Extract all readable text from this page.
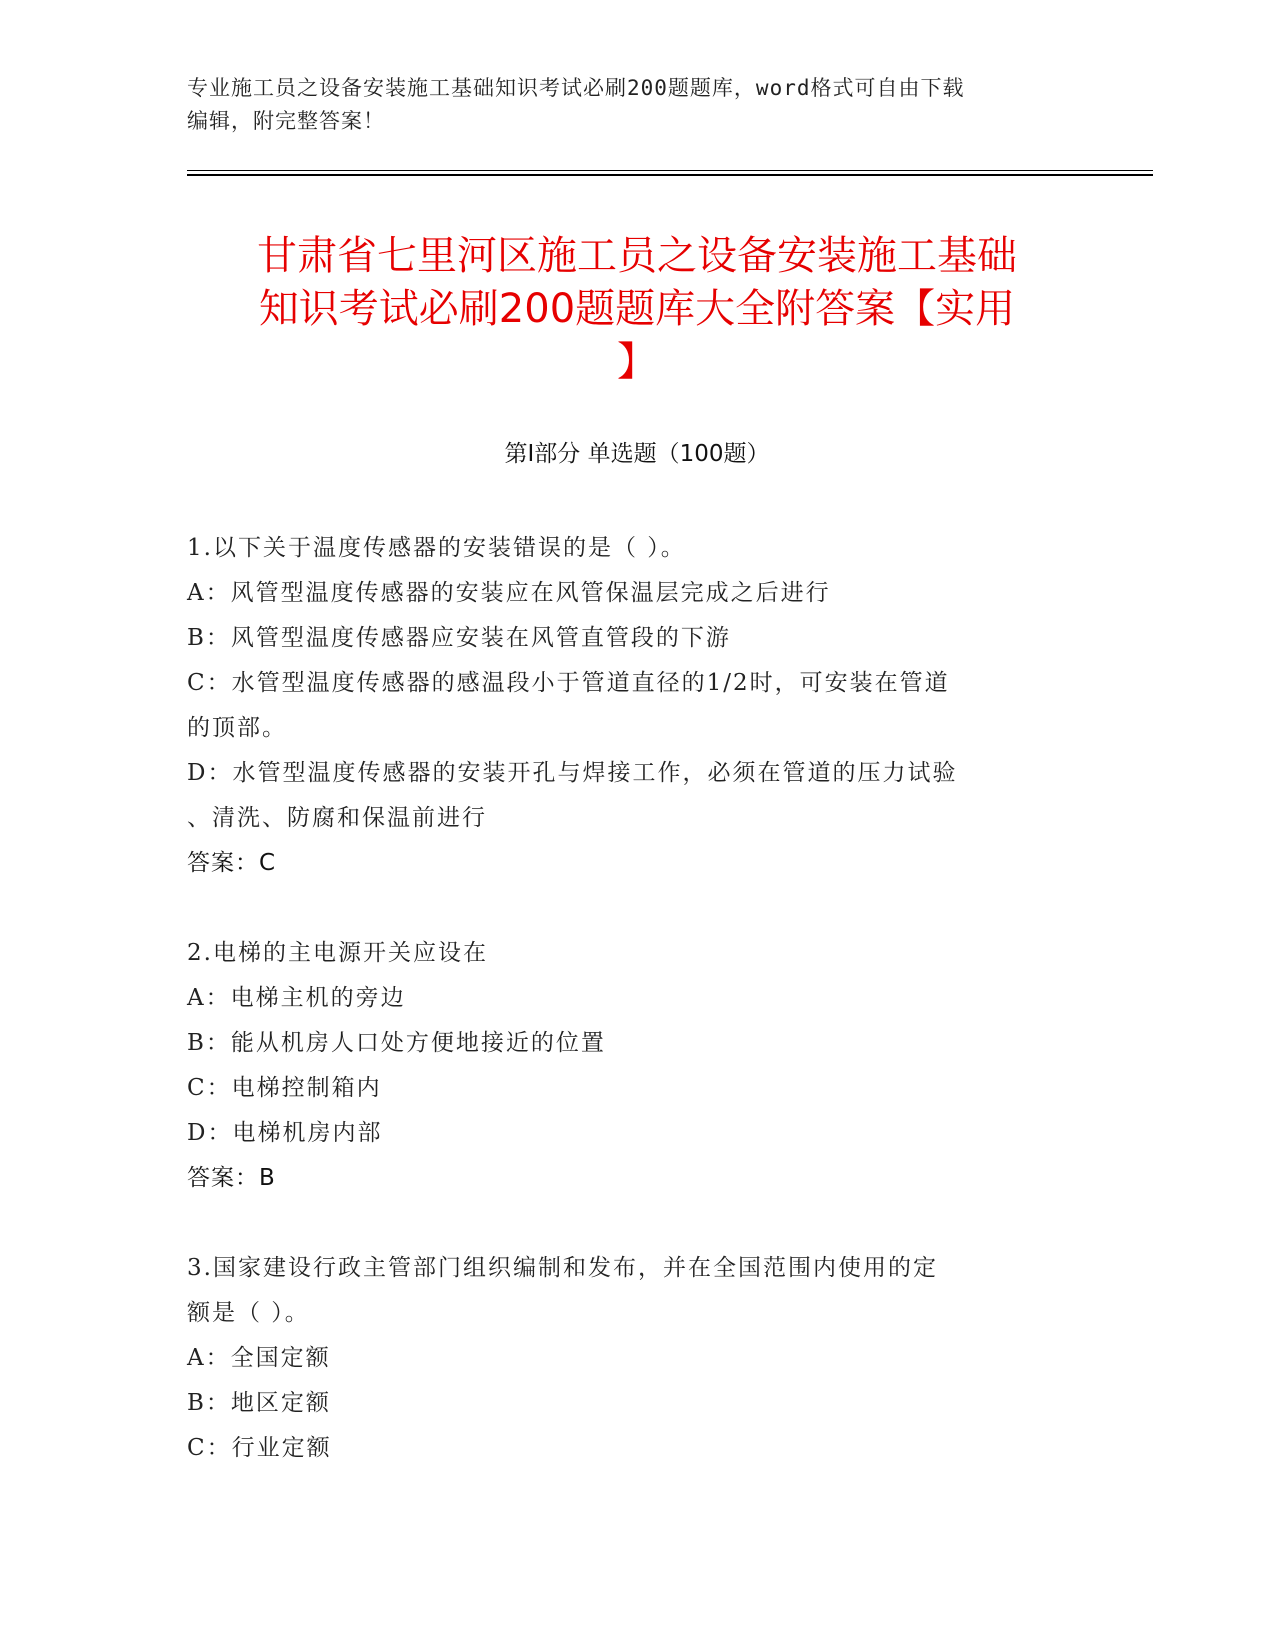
专业施工员之设备安装施工基础知识考试必刷200题题库，word格式可自由下载
编辑，附完整答案！
甘肃省七里河区施工员之设备安装施工基础
知识考试必刷200题题库大全附答案【实用
】
第Ⅰ部分 单选题（100题）
1.以下关于温度传感器的安装错误的是（ ）。
A：风管型温度传感器的安装应在风管保温层完成之后进行
B：风管型温度传感器应安装在风管直管段的下游
C：水管型温度传感器的感温段小于管道直径的1/2时，可安装在管道
的顶部。
D：水管型温度传感器的安装开孔与焊接工作，必须在管道的压力试验
、清洗、防腐和保温前进行
答案：C
2.电梯的主电源开关应设在
A：电梯主机的旁边
B：能从机房人口处方便地接近的位置
C：电梯控制箱内
D：电梯机房内部
答案：B
3.国家建设行政主管部门组织编制和发布，并在全国范围内使用的定
额是（ ）。
A：全国定额
B：地区定额
C：行业定额
